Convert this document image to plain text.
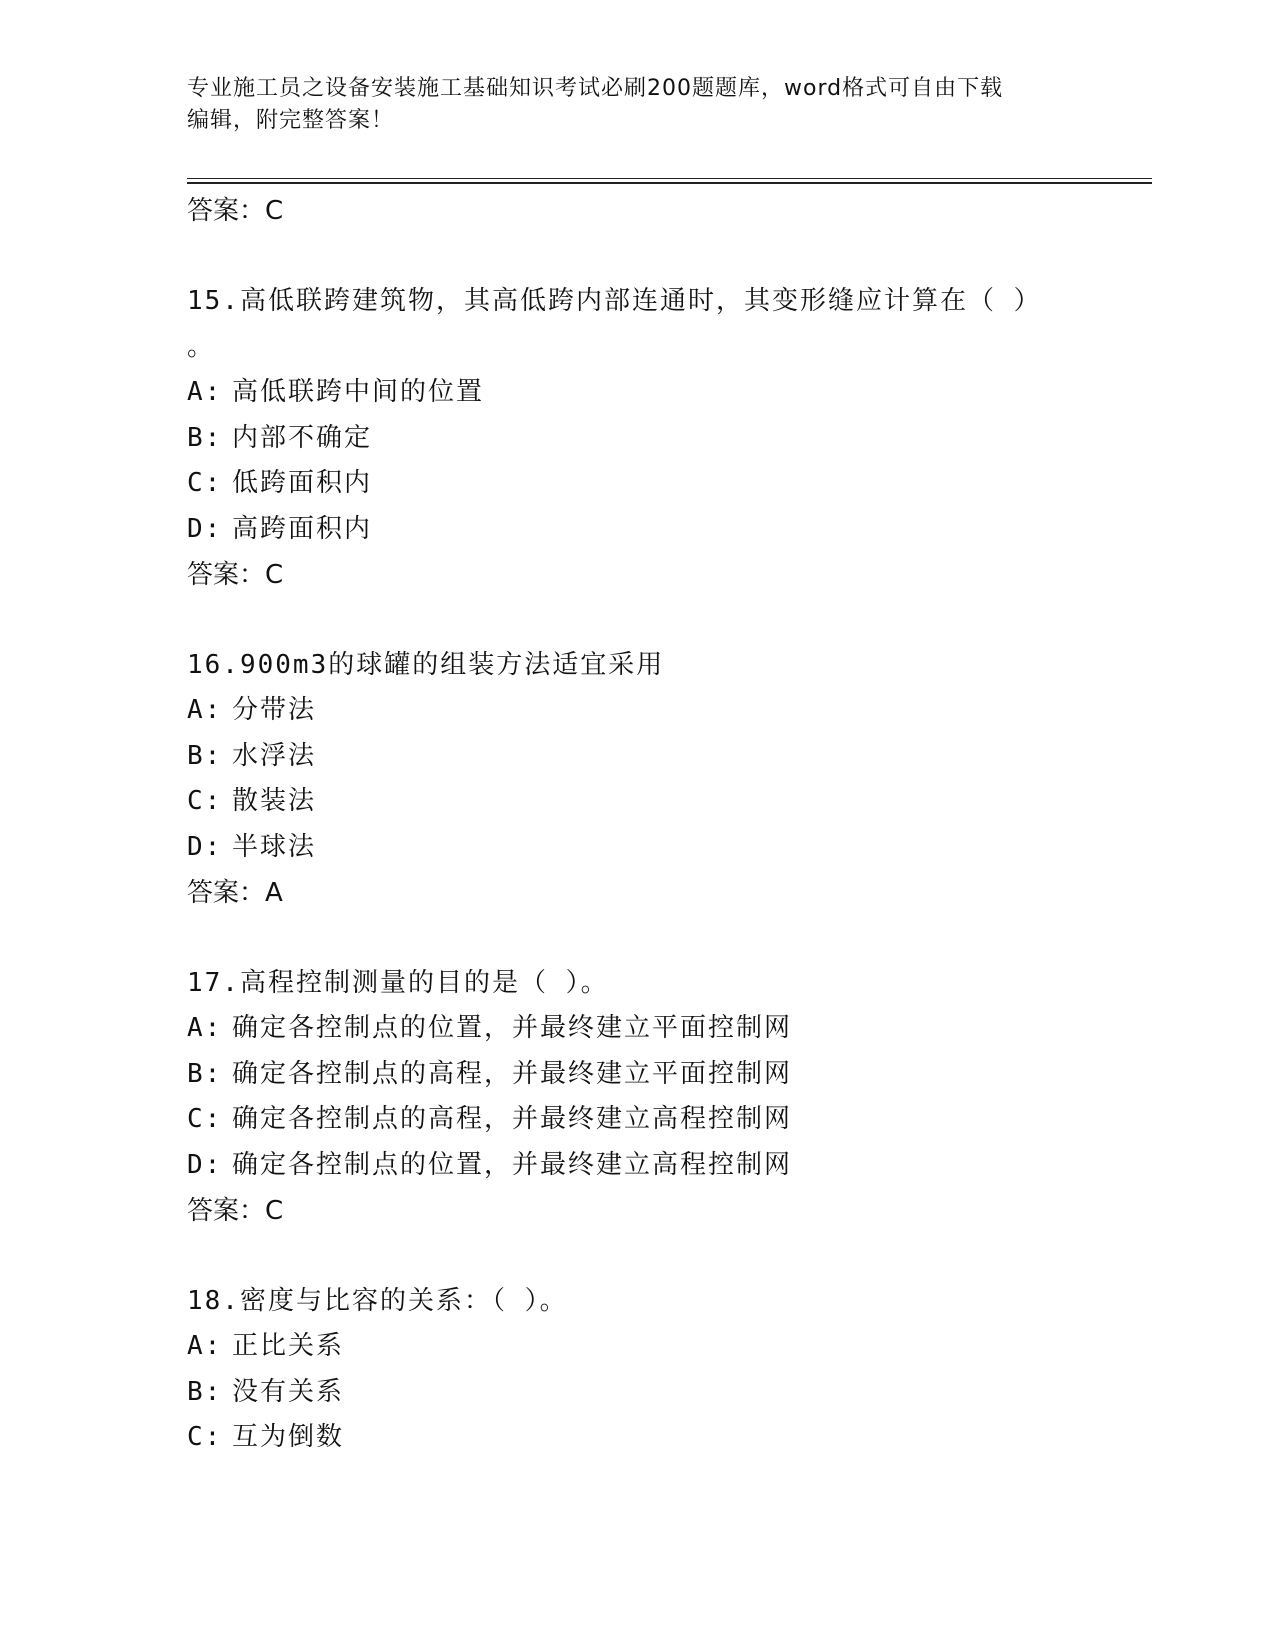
专业施工员之设备安装施工基础知识考试必刷200题题库，word格式可自由下载
编辑，附完整答案！
答案：C
15.高低联跨建筑物，其高低跨内部连通时，其变形缝应计算在（ ）
。
A: 高低联跨中间的位置
B: 内部不确定
C: 低跨面积内
D: 高跨面积内
答案：C
16.900m3的球罐的组装方法适宜采用
A: 分带法
B: 水浮法
C: 散装法
D: 半球法
答案：A
17.高程控制测量的目的是（ ）。
A: 确定各控制点的位置，并最终建立平面控制网
B: 确定各控制点的高程，并最终建立平面控制网
C: 确定各控制点的高程，并最终建立高程控制网
D: 确定各控制点的位置，并最终建立高程控制网
答案：C
18.密度与比容的关系：（ ）。
A: 正比关系
B: 没有关系
C: 互为倒数
